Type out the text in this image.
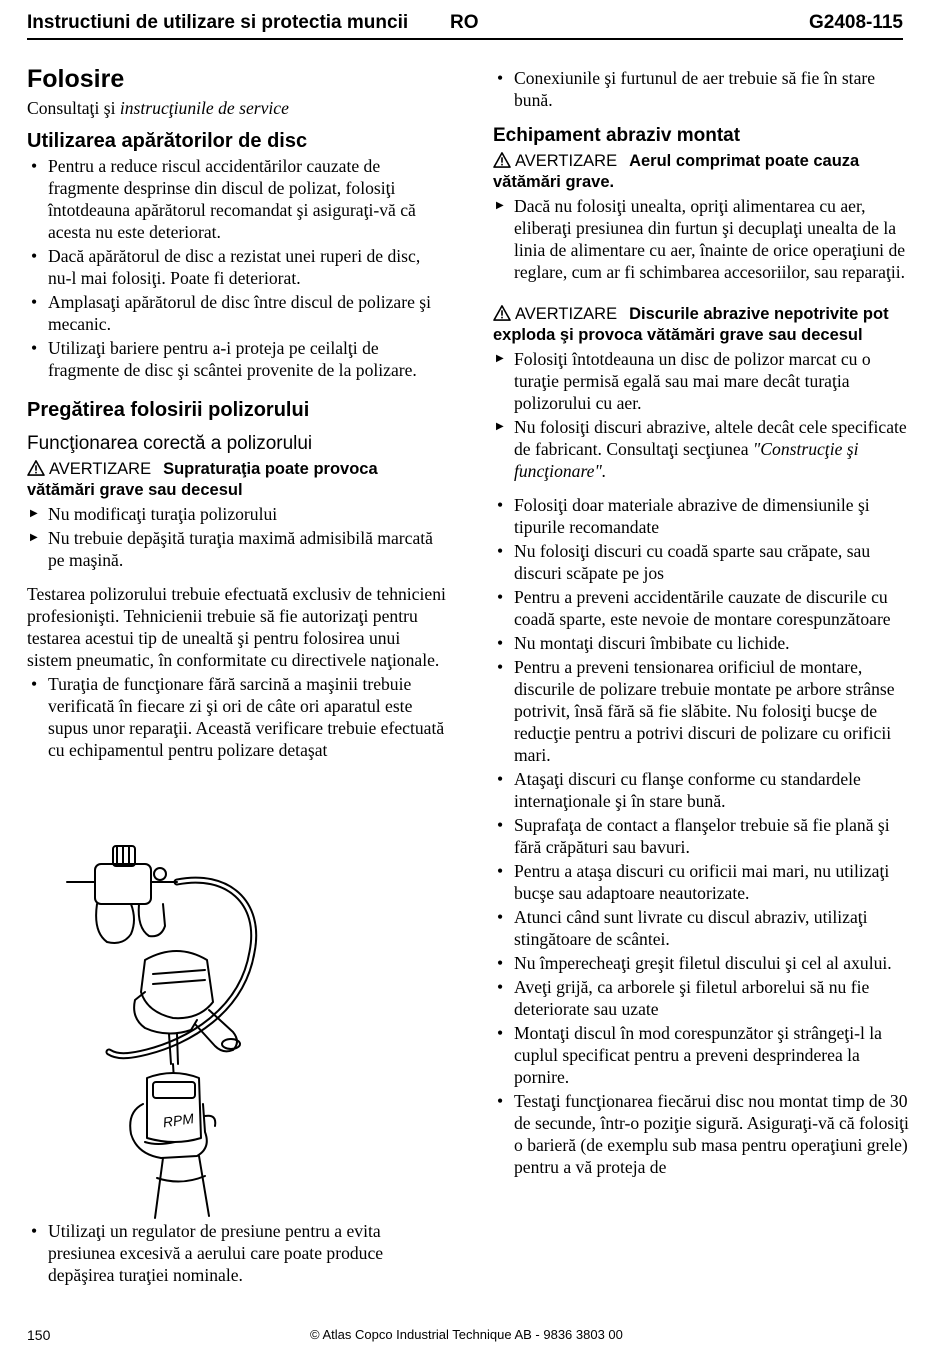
Instructiuni de utilizare si protectia muncii RO	G2408-115
Folosire

Consultaţi şi instrucţiunile de service

Utilizarea apărătorilor de disc
• Pentru a reduce riscul accidentărilor cauzate de fragmente desprinse din discul de polizat, folosiţi întotdeauna apărătorul recomandat şi asiguraţi-vă că acesta nu este deteriorat.
• Dacă apărătorul de disc a rezistat unei ruperi de disc, nu-l mai folosiţi. Poate fi deteriorat.
• Amplasaţi apărătorul de disc între discul de polizare şi mecanic.
• Utilizaţi bariere pentru a-i proteja pe ceilalţi de fragmente de disc şi scântei provenite de la polizare.
Pregătirea folosirii polizorului
Funcţionarea corectă a polizorului

AVERTIZARE Supraturaţia poate provoca vătămări grave sau decesul

▶ Nu modificaţi turaţia polizorului
▶ Nu trebuie depăşită turaţia maximă admisibilă marcată pe maşină.

Testarea polizorului trebuie efectuată exclusiv de tehnicieni profesionişti. Tehnicienii trebuie să fie autorizaţi pentru testarea acestui tip de unealtă şi pentru folosirea unui sistem pneumatic, în conformitate cu directivele naţionale.

• Turaţia de funcţionare fără sarcină a maşinii trebuie verificată în fiecare zi şi ori de câte ori aparatul este supus unor reparaţii. Această verificare trebuie efectuată cu echipamentul pentru polizare detaşat
RPM
• Utilizaţi un regulator de presiune pentru a evita presiunea excesivă a aerului care poate produce depăşirea turaţiei nominale.
• Conexiunile şi furtunul de aer trebuie să fie în stare bună.
Echipament abraziv montat

AVERTIZARE Aerul comprimat poate cauza vătămări grave.

▶ Dacă nu folosiţi unealta, opriţi alimentarea cu aer, eliberaţi presiunea din furtun şi decuplaţi unealta de la linia de alimentare cu aer, înainte de orice operaţiuni de reglare, cum ar fi schimbarea accesoriilor, sau reparaţii.

AVERTIZARE Discurile abrazive nepotrivite pot exploda şi provoca vătămări grave sau decesul

▶ Folosiţi întotdeauna un disc de polizor marcat cu o turaţie permisă egală sau mai mare decât turaţia polizorului cu aer.
▶ Nu folosiţi discuri abrazive, altele decât cele specificate de fabricant. Consultaţi secţiunea "Construcţie şi funcţionare".
• Folosiţi doar materiale abrazive de dimensiunile şi tipurile recomandate
• Nu folosiţi discuri cu coadă sparte sau crăpate, sau discuri scăpate pe jos
• Pentru a preveni accidentările cauzate de discurile cu coadă sparte, este nevoie de montare corespunzătoare
• Nu montaţi discuri îmbibate cu lichide.
• Pentru a preveni tensionarea orificiul de montare, discurile de polizare trebuie montate pe arbore strânse potrivit, însă fără să fie slăbite. Nu folosiţi bucşe de reducţie pentru a potrivi discuri de polizare cu orificii mari.
• Ataşaţi discuri cu flanşe conforme cu standardele internaţionale şi în stare bună.
• Suprafaţa de contact a flanşelor trebuie să fie plană şi fără crăpături sau bavuri.
• Pentru a ataşa discuri cu orificii mai mari, nu utilizaţi bucşe sau adaptoare neautorizate.
• Atunci când sunt livrate cu discul abraziv, utilizaţi stingătoare de scântei.
• Nu împerecheaţi greşit filetul discului şi cel al axului.
• Aveţi grijă, ca arborele şi filetul arborelui să nu fie deteriorate sau uzate
• Montaţi discul în mod corespunzător şi strângeţi-l la cuplul specificat pentru a preveni desprinderea la pornire.
• Testaţi funcţionarea fiecărui disc nou montat timp de 30 de secunde, într-o poziţie sigură. Asiguraţi-vă că folosiţi o barieră (de exemplu sub masa pentru operaţiuni grele) pentru a vă proteja de
150	© Atlas Copco Industrial Technique AB - 9836 3803 00
